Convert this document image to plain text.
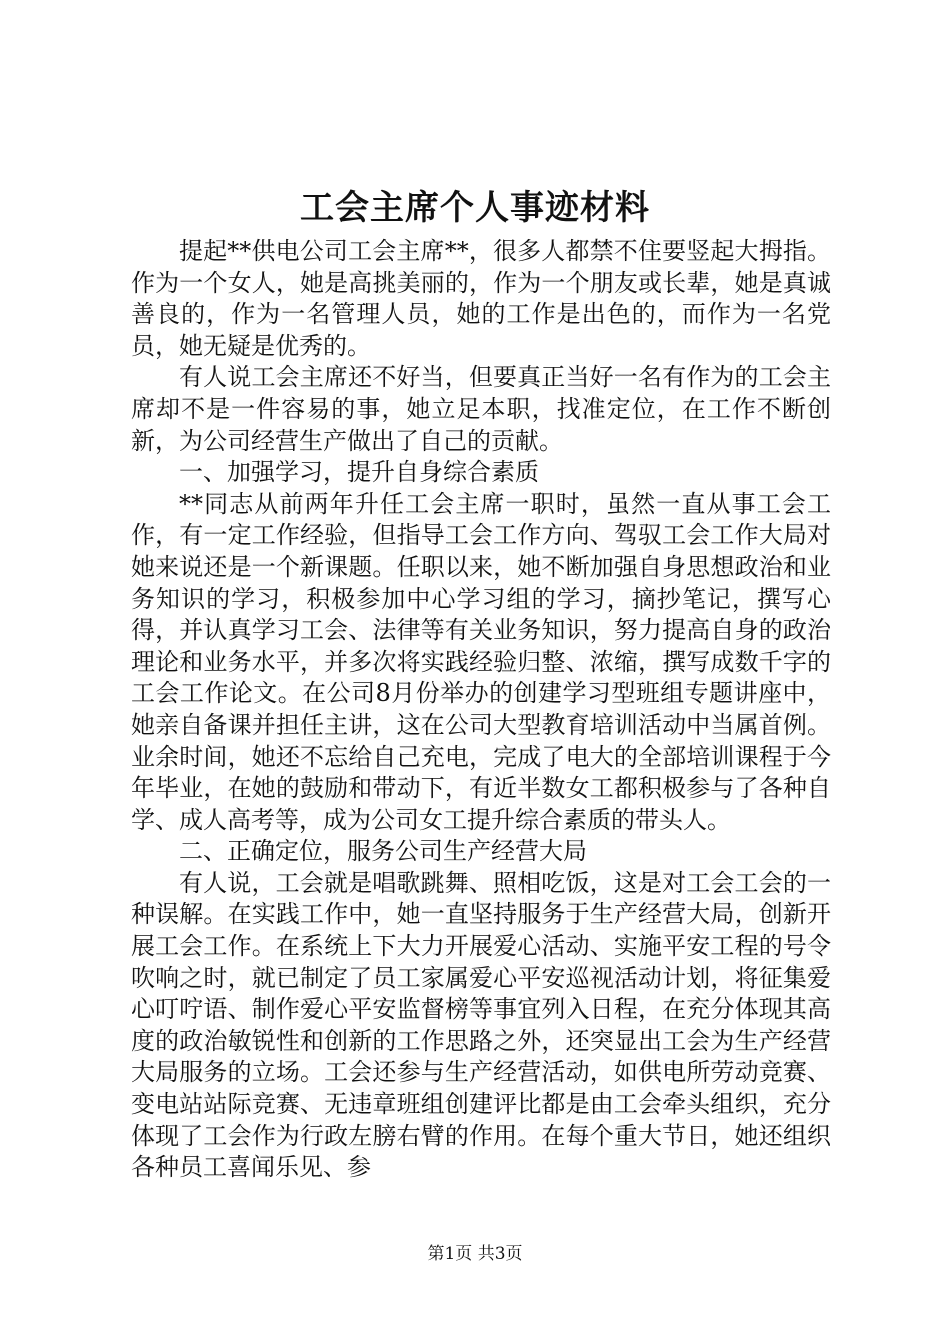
工会主席个人事迹材料

提起**供电公司工会主席**，很多人都禁不住要竖起大拇指。作为一个女人，她是高挑美丽的，作为一个朋友或长辈，她是真诚善良的，作为一名管理人员，她的工作是出色的，而作为一名党员，她无疑是优秀的。

有人说工会主席还不好当，但要真正当好一名有作为的工会主席却不是一件容易的事，她立足本职，找准定位，在工作不断创新，为公司经营生产做出了自己的贡献。

一、加强学习，提升自身综合素质

**同志从前两年升任工会主席一职时，虽然一直从事工会工作，有一定工作经验，但指导工会工作方向、驾驭工会工作大局对她来说还是一个新课题。任职以来，她不断加强自身思想政治和业务知识的学习，积极参加中心学习组的学习，摘抄笔记，撰写心得，并认真学习工会、法律等有关业务知识，努力提高自身的政治理论和业务水平，并多次将实践经验归整、浓缩，撰写成数千字的工会工作论文。在公司8月份举办的创建学习型班组专题讲座中，她亲自备课并担任主讲，这在公司大型教育培训活动中当属首例。业余时间，她还不忘给自己充电，完成了电大的全部培训课程于今年毕业，在她的鼓励和带动下，有近半数女工都积极参与了各种自学、成人高考等，成为公司女工提升综合素质的带头人。

二、正确定位，服务公司生产经营大局

有人说，工会就是唱歌跳舞、照相吃饭，这是对工会工会的一种误解。在实践工作中，她一直坚持服务于生产经营大局，创新开展工会工作。在系统上下大力开展爱心活动、实施平安工程的号令吹响之时，就已制定了员工家属爱心平安巡视活动计划，将征集爱心叮咛语、制作爱心平安监督榜等事宜列入日程，在充分体现其高度的政治敏锐性和创新的工作思路之外，还突显出工会为生产经营大局服务的立场。工会还参与生产经营活动，如供电所劳动竞赛、变电站站际竞赛、无违章班组创建评比都是由工会牵头组织，充分体现了工会作为行政左膀右臂的作用。在每个重大节日，她还组织各种员工喜闻乐见、参

第1页 共3页
